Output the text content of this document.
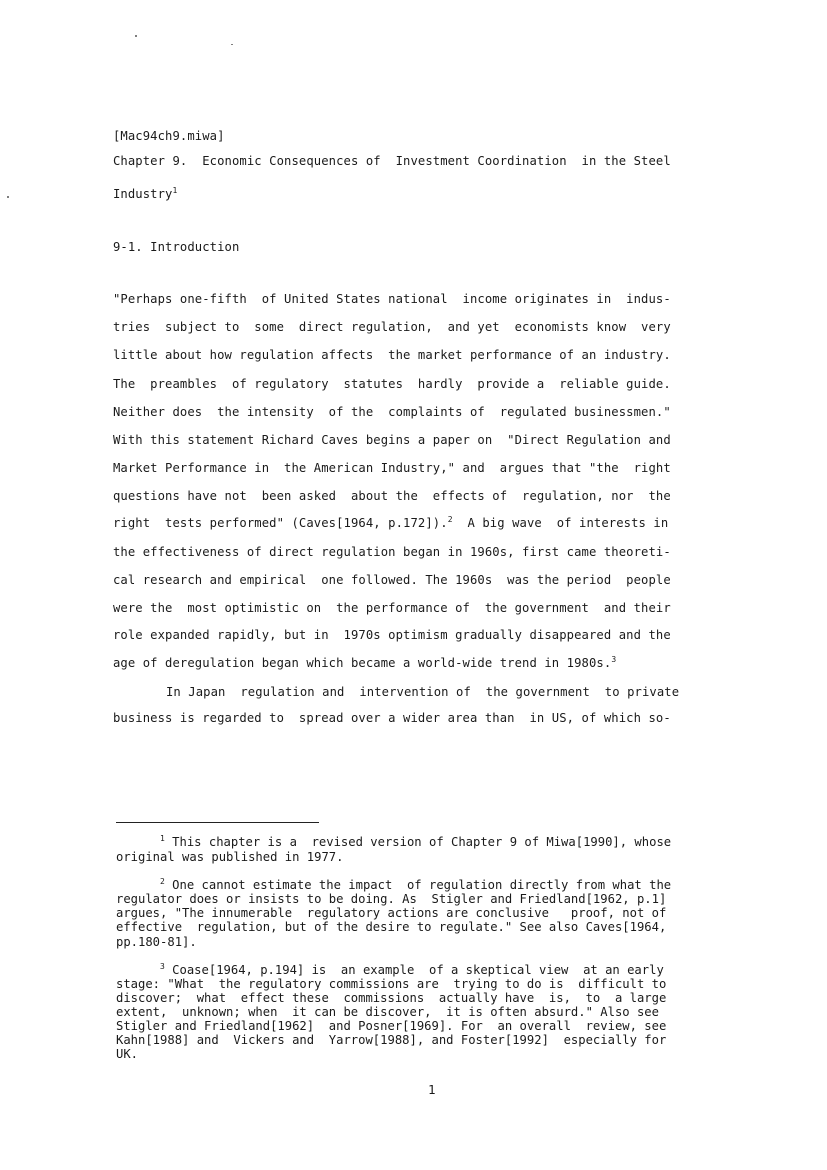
[Mac94ch9.miwa]
Chapter 9.  Economic Consequences of  Investment Coordination  in the Steel
Industry$^1$
9-1. Introduction
"Perhaps one-fifth  of United States national  income originates in  indus-
tries  subject to  some  direct regulation,  and yet  economists know  very
little about how regulation affects  the market performance of an industry.
The  preambles  of regulatory  statutes  hardly  provide a  reliable guide.
Neither does  the intensity  of the  complaints of  regulated businessmen."
With this statement Richard Caves begins a paper on  "Direct Regulation and
Market Performance in  the American Industry," and  argues that "the  right
questions have not  been asked  about the  effects of  regulation, nor  the
right  tests performed" (Caves[1964, p.172]).$^2$  A big wave  of interests in
the effectiveness of direct regulation began in 1960s, first came theoreti-
cal research and empirical  one followed. The 1960s  was the period  people
were the  most optimistic on  the performance of  the government  and their
role expanded rapidly, but in  1970s optimism gradually disappeared and the
age of deregulation began which became a world-wide trend in 1980s.$^3$
In Japan  regulation and  intervention of  the government  to private
business is regarded to  spread over a wider area than  in US, of which so-
$^1$ This chapter is a  revised version of Chapter 9 of Miwa[1990], whose
original was published in 1977.
$^2$ One cannot estimate the impact  of regulation directly from what the
regulator does or insists to be doing. As  Stigler and Friedland[1962, p.1]
argues, "The innumerable  regulatory actions are conclusive   proof, not of
effective  regulation, but of the desire to regulate." See also Caves[1964,
pp.180-81].
$^3$ Coase[1964, p.194] is  an example  of a skeptical view  at an early
stage: "What  the regulatory commissions are  trying to do is  difficult to
discover;  what  effect these  commissions  actually have  is,  to  a large
extent,  unknown; when  it can be discover,  it is often absurd." Also see
Stigler and Friedland[1962]  and Posner[1969]. For  an overall  review, see
Kahn[1988] and  Vickers and  Yarrow[1988], and Foster[1992]  especially for
UK.
1
